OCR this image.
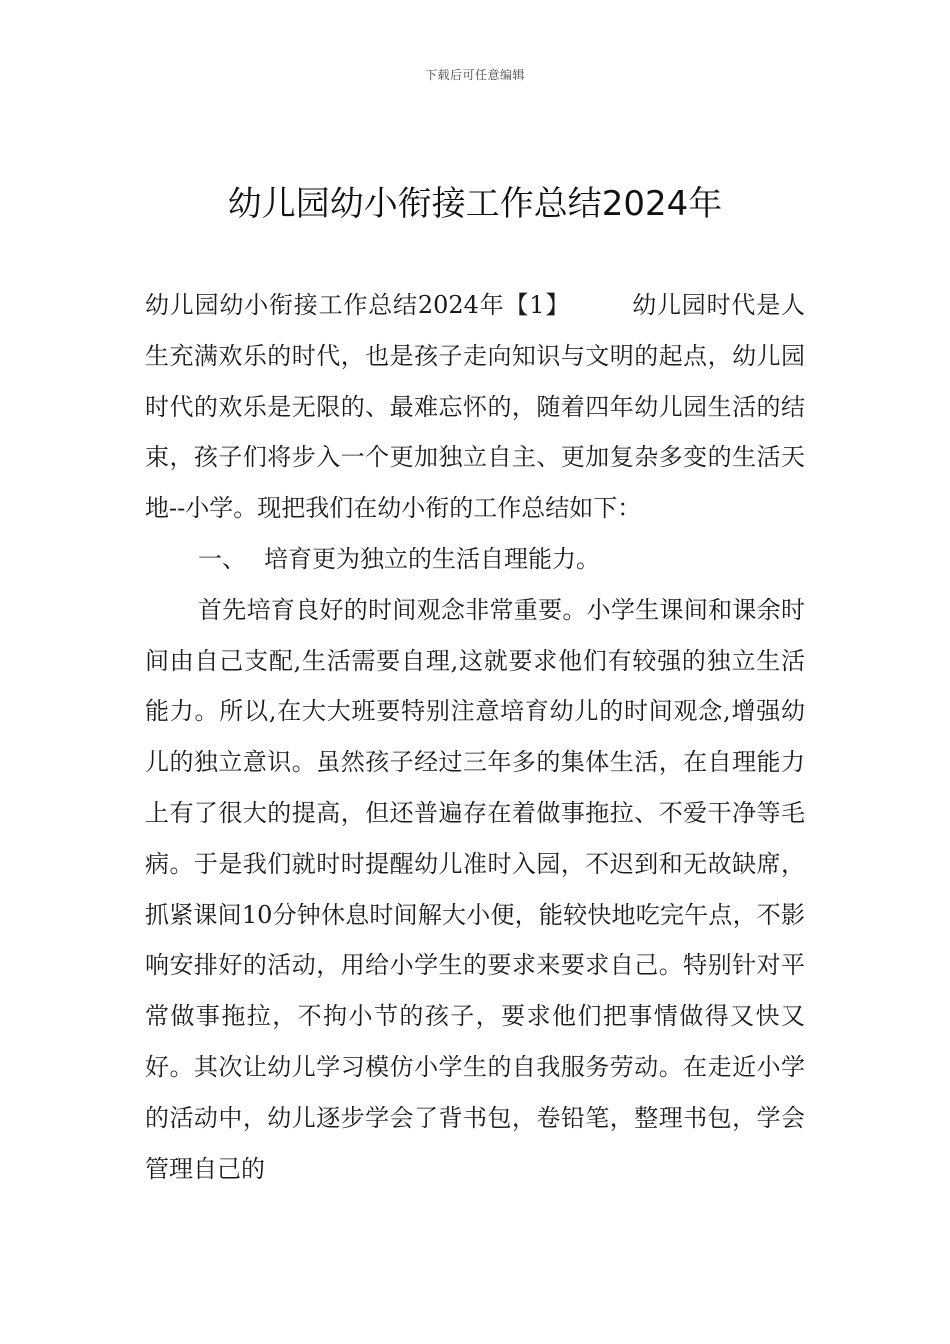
下载后可任意编辑
幼儿园幼小衔接工作总结2024年

幼儿园幼小衔接工作总结2024年【1】	幼儿园时代是人生充满欢乐的时代，也是孩子走向知识与文明的起点，幼儿园时代的欢乐是无限的、最难忘怀的，随着四年幼儿园生活的结束，孩子们将步入一个更加独立自主、更加复杂多变的生活天地--小学。现把我们在幼小衔的工作总结如下：

一、 培育更为独立的生活自理能力。

首先培育良好的时间观念非常重要。小学生课间和课余时间由自己支配,生活需要自理,这就要求他们有较强的独立生活能力。所以,在大大班要特别注意培育幼儿的时间观念,增强幼儿的独立意识。虽然孩子经过三年多的集体生活，在自理能力上有了很大的提高，但还普遍存在着做事拖拉、不爱干净等毛病。于是我们就时时提醒幼儿准时入园，不迟到和无故缺席，抓紧课间10分钟休息时间解大小便，能较快地吃完午点，不影响安排好的活动，用给小学生的要求来要求自己。特别针对平常做事拖拉，不拘小节的孩子，要求他们把事情做得又快又好。其次让幼儿学习模仿小学生的自我服务劳动。在走近小学的活动中，幼儿逐步学会了背书包，卷铅笔，整理书包，学会管理自己的
